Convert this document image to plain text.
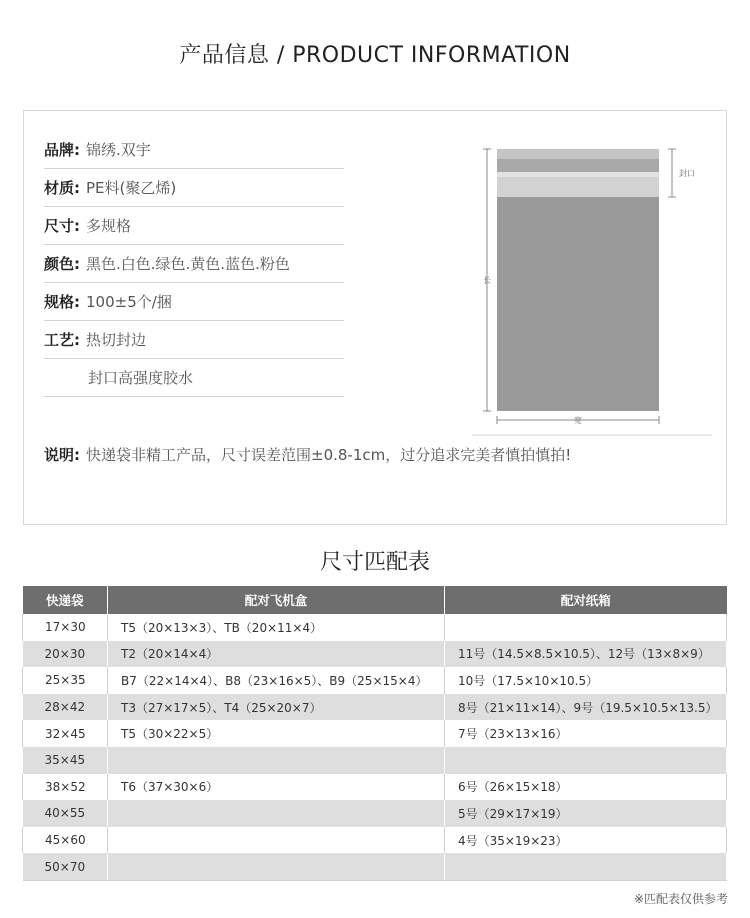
产品信息 / PRODUCT INFORMATION
品牌: 锦绣.双宇
材质: PE料(聚乙烯)
尺寸: 多规格
颜色: 黑色.白色.绿色.黄色.蓝色.粉色
规格: 100±5个/捆
工艺: 热切封边
封口高强度胶水
说明: 快递袋非精工产品，尺寸误差范围±0.8-1cm，过分追求完美者慎拍慎拍!
封口
长
宽
尺寸匹配表
快递袋	配对飞机盒	配对纸箱
17×30	T5（20×13×3）、TB（20×11×4）	
20×30	T2（20×14×4）	11号（14.5×8.5×10.5）、12号（13×8×9）
25×35	B7（22×14×4）、B8（23×16×5）、B9（25×15×4）	10号（17.5×10×10.5）
28×42	T3（27×17×5）、T4（25×20×7）	8号（21×11×14）、9号（19.5×10.5×13.5）
32×45	T5（30×22×5）	7号（23×13×16）
35×45		
38×52	T6（37×30×6）	6号（26×15×18）
40×55		5号（29×17×19）
45×60		4号（35×19×23）
50×70		
※匹配表仅供参考
